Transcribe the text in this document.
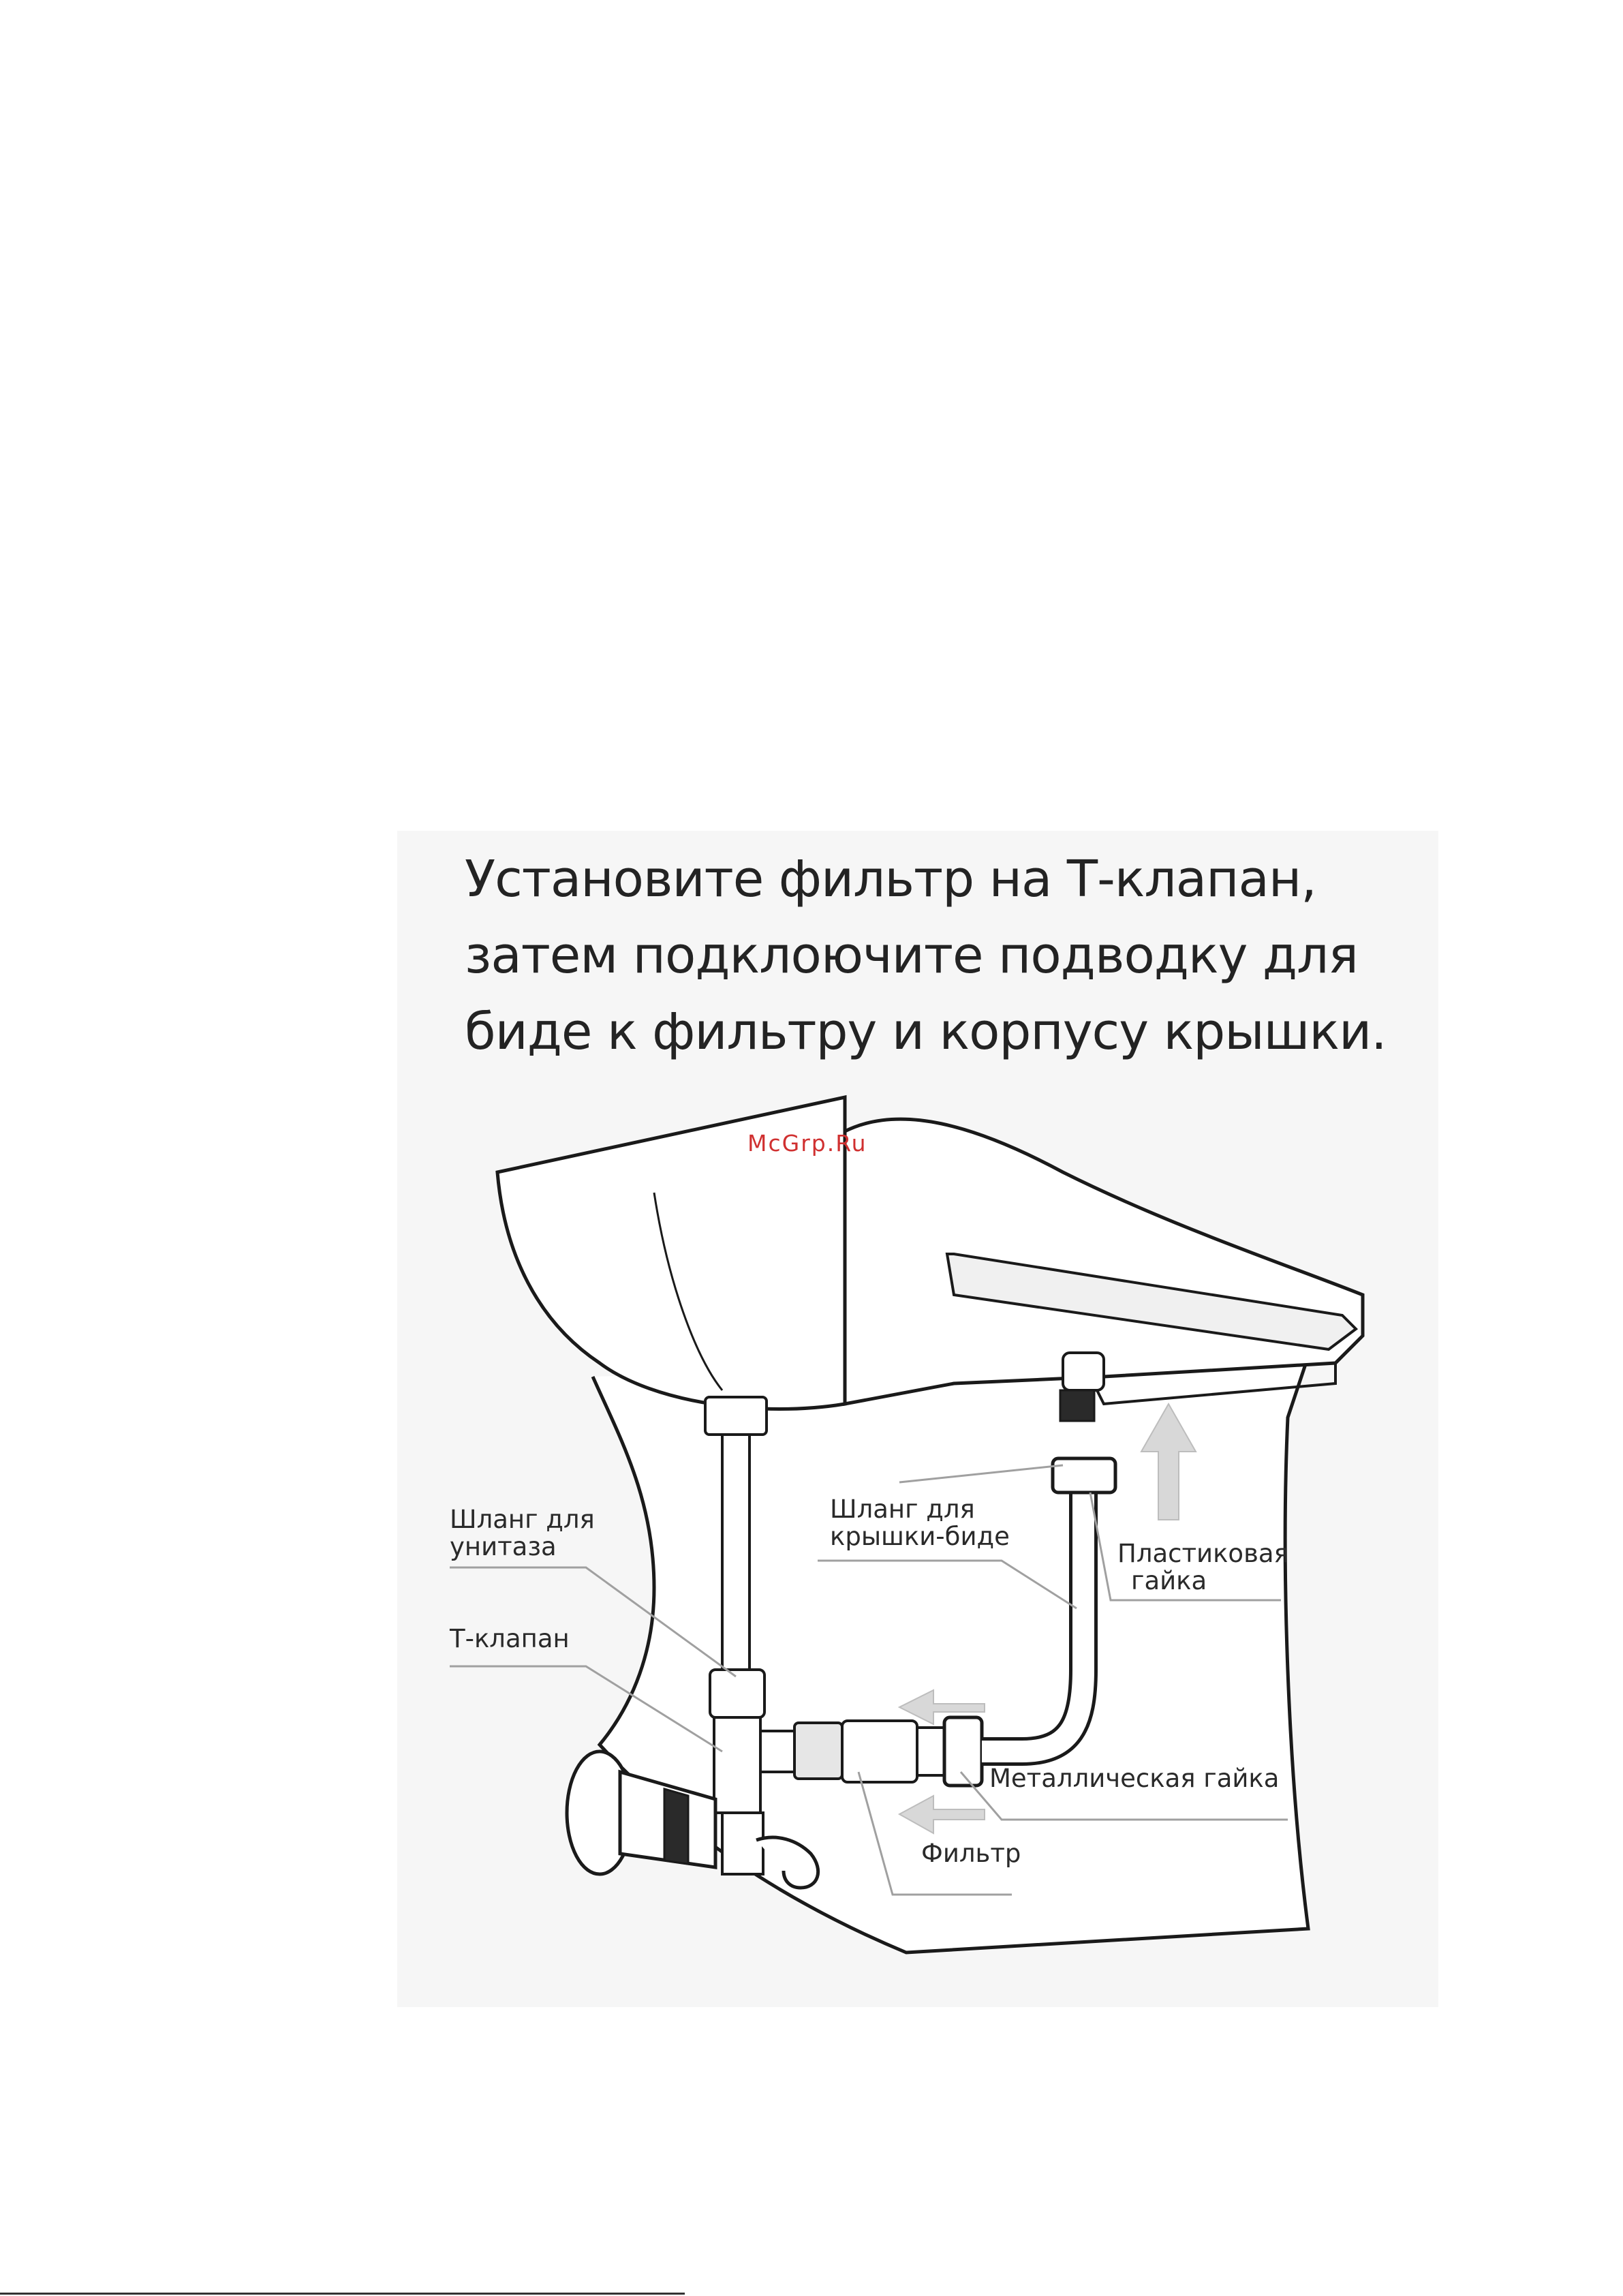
Установите фильтр на Т-клапан,
затем подклоючите подводку для
биде к фильтру и корпусу крышки.
Шланг для
унитаза
Т-клапан
Шланг для
крышки-биде
Пластиковая
гайка
Металлическая гайка
Фильтр
McGrp.Ru
